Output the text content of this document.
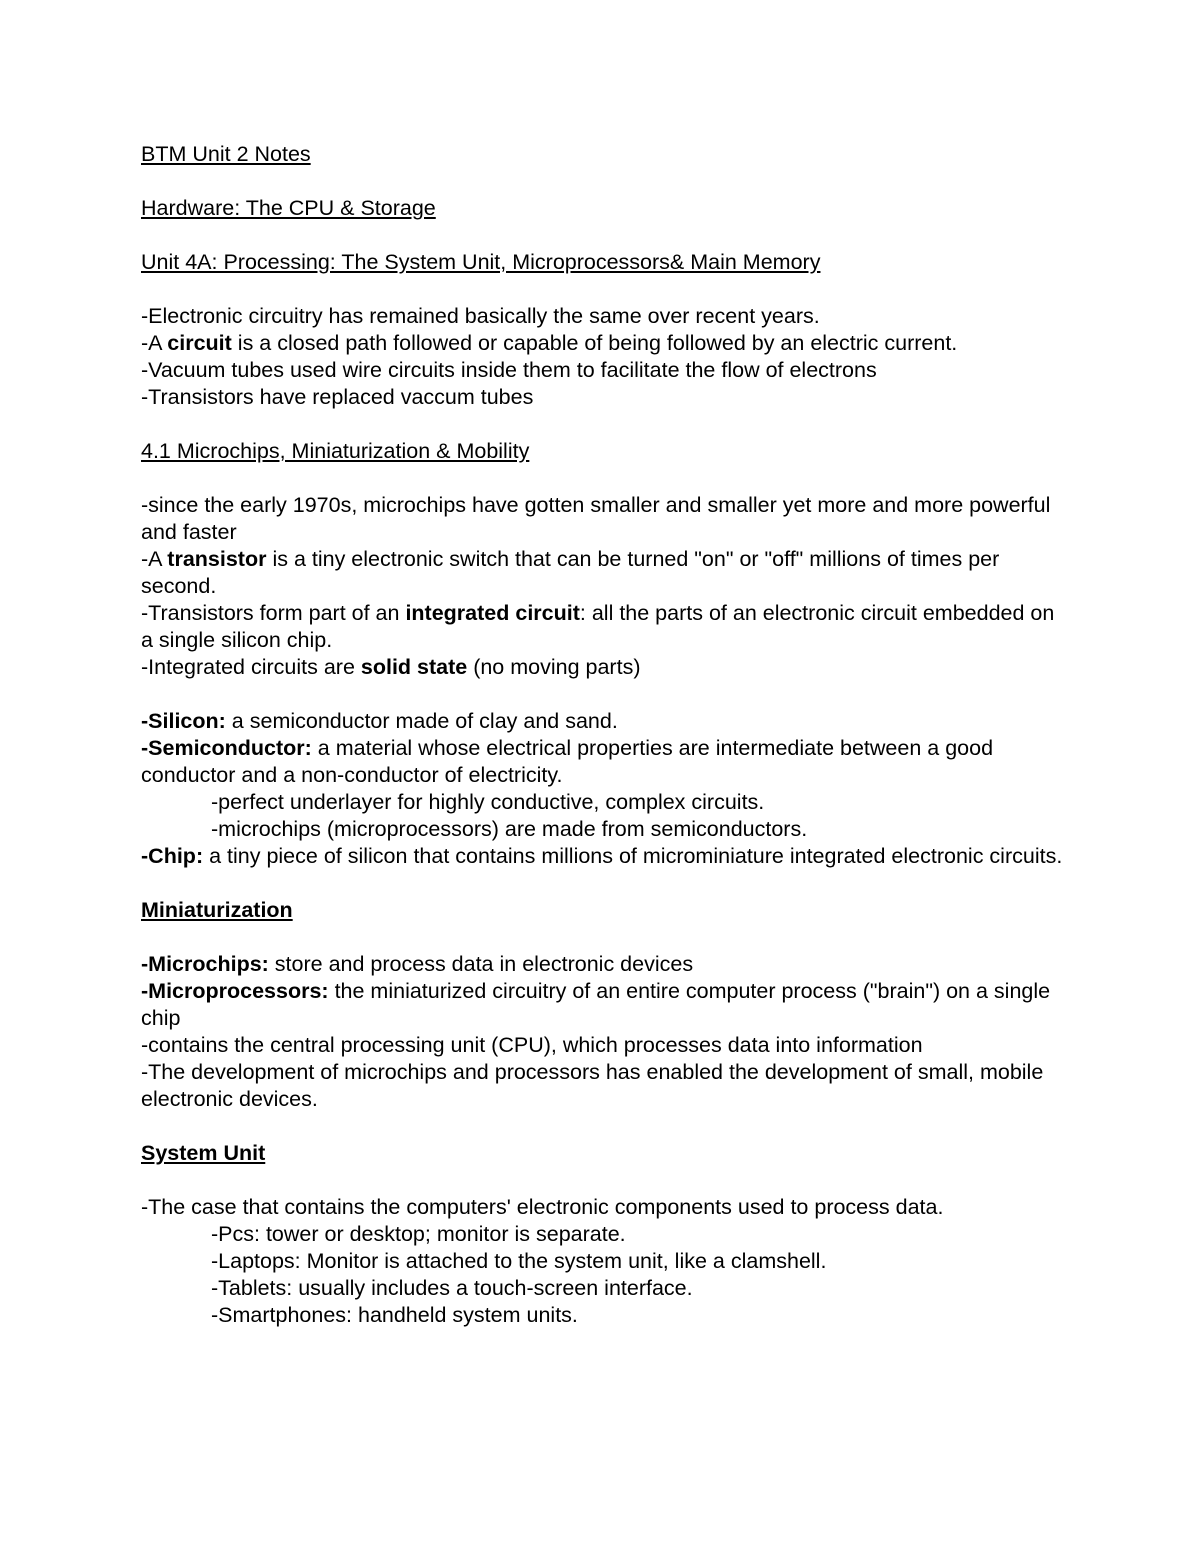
BTM Unit 2 Notes

Hardware: The CPU & Storage

Unit 4A: Processing: The System Unit, Microprocessors& Main Memory

-Electronic circuitry has remained basically the same over recent years.

-A circuit is a closed path followed or capable of being followed by an electric current.

-Vacuum tubes used wire circuits inside them to facilitate the flow of electrons

-Transistors have replaced vaccum tubes

4.1 Microchips, Miniaturization & Mobility

-since the early 1970s, microchips have gotten smaller and smaller yet more and more powerful and faster

-A transistor is a tiny electronic switch that can be turned "on" or "off" millions of times per second.

-Transistors form part of an integrated circuit: all the parts of an electronic circuit embedded on a single silicon chip.

-Integrated circuits are solid state (no moving parts)

-Silicon: a semiconductor made of clay and sand.

-Semiconductor: a material whose electrical properties are intermediate between a good conductor and a non-conductor of electricity.

-perfect underlayer for highly conductive, complex circuits.

-microchips (microprocessors) are made from semiconductors.

-Chip: a tiny piece of silicon that contains millions of microminiature integrated electronic circuits.

Miniaturization

-Microchips: store and process data in electronic devices

-Microprocessors: the miniaturized circuitry of an entire computer process ("brain") on a single chip

-contains the central processing unit (CPU), which processes data into information

-The development of microchips and processors has enabled the development of small, mobile electronic devices.

System Unit

-The case that contains the computers' electronic components used to process data.

-Pcs: tower or desktop; monitor is separate.

-Laptops: Monitor is attached to the system unit, like a clamshell.

-Tablets: usually includes a touch-screen interface.

-Smartphones: handheld system units.
